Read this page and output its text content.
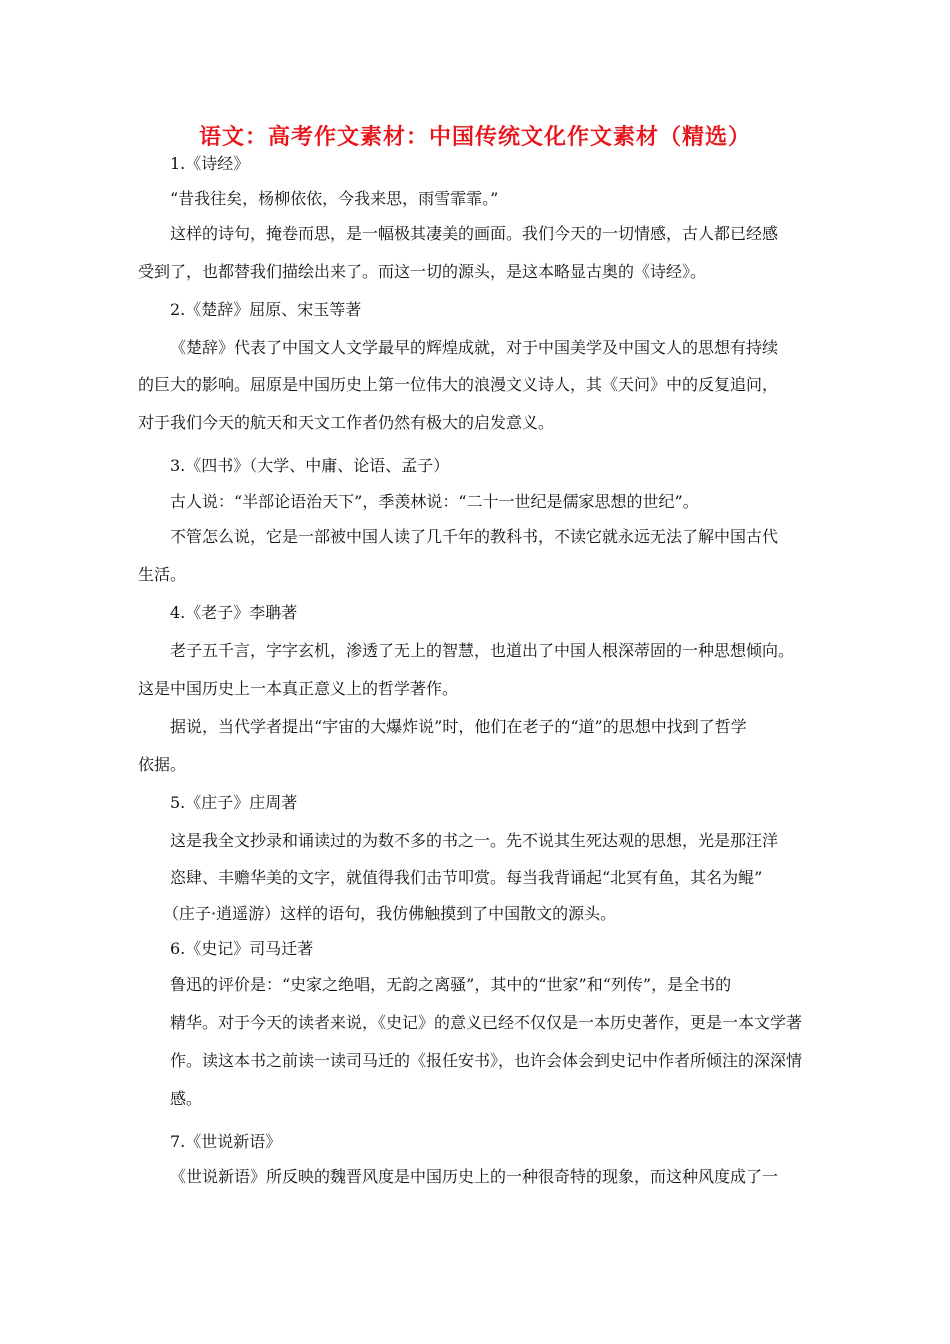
语文：高考作文素材：中国传统文化作文素材（精选）
1.《诗经》
“昔我往矣，杨柳依依，今我来思，雨雪霏霏。”
这样的诗句，掩卷而思，是一幅极其凄美的画面。我们今天的一切情感，古人都已经感
受到了，也都替我们描绘出来了。而这一切的源头，是这本略显古奥的《诗经》。
2.《楚辞》屈原、宋玉等著
《楚辞》代表了中国文人文学最早的辉煌成就，对于中国美学及中国文人的思想有持续
的巨大的影响。屈原是中国历史上第一位伟大的浪漫文义诗人，其《天问》中的反复追问，
对于我们今天的航天和天文工作者仍然有极大的启发意义。
3.《四书》（大学、中庸、论语、孟子）
古人说：“半部论语治天下”，季羡林说：“二十一世纪是儒家思想的世纪”。
不管怎么说，它是一部被中国人读了几千年的教科书，不读它就永远无法了解中国古代
生活。
4.《老子》李聃著
老子五千言，字字玄机，渗透了无上的智慧，也道出了中国人根深蒂固的一种思想倾向。
这是中国历史上一本真正意义上的哲学著作。
据说，当代学者提出“宇宙的大爆炸说”时，他们在老子的“道”的思想中找到了哲学
依据。
5.《庄子》庄周著
这是我全文抄录和诵读过的为数不多的书之一。先不说其生死达观的思想，光是那汪洋
恣肆、丰赡华美的文字，就值得我们击节叩赏。每当我背诵起“北冥有鱼，其名为鲲”
（庄子·逍遥游）这样的语句，我仿佛触摸到了中国散文的源头。
6.《史记》司马迁著
鲁迅的评价是：“史家之绝唱，无韵之离骚”，其中的“世家”和“列传”，是全书的
精华。对于今天的读者来说，《史记》的意义已经不仅仅是一本历史著作，更是一本文学著
作。读这本书之前读一读司马迁的《报任安书》，也许会体会到史记中作者所倾注的深深情
感。
7.《世说新语》
《世说新语》所反映的魏晋风度是中国历史上的一种很奇特的现象，而这种风度成了一
